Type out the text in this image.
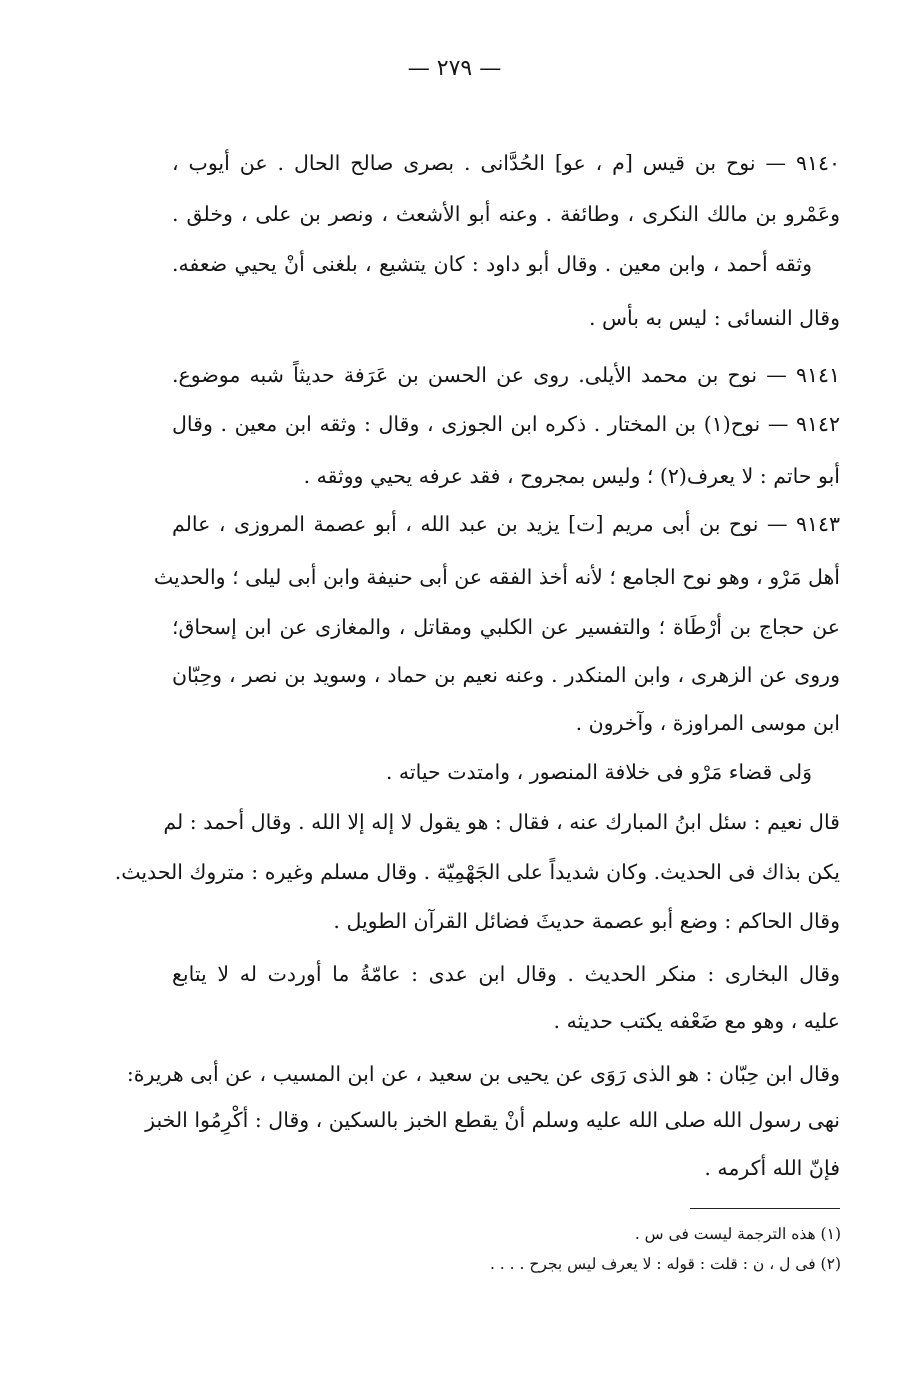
— ٢٧٩ —
٩١٤٠ — نوح بن قيس [م ، عو] الحُدَّانى . بصرى صالح الحال . عن أيوب ،
وعَمْرو بن مالك النكرى ، وطائفة . وعنه أبو الأشعث ، ونصر بن على ، وخلق .
وثقه أحمد ، وابن معين . وقال أبو داود : كان يتشيع ، بلغنى أنْ يحيي ضعفه.
وقال النسائى : ليس به بأس .
٩١٤١ — نوح بن محمد الأيلى. روى عن الحسن بن عَرَفة حديثاً شبه موضوع.
٩١٤٢ — نوح(١) بن المختار . ذكره ابن الجوزى ، وقال : وثقه ابن معين . وقال
أبو حاتم : لا يعرف(٢) ؛ وليس بمجروح ، فقد عرفه يحيي ووثقه .
٩١٤٣ — نوح بن أبى مريم [ت] يزيد بن عبد الله ، أبو عصمة المروزى ، عالم
أهل مَرْو ، وهو نوح الجامع ؛ لأنه أخذ الفقه عن أبى حنيفة وابن أبى ليلى ؛ والحديث
عن حجاج بن أرْطَاة ؛ والتفسير عن الكلبي ومقاتل ، والمغازى عن ابن إسحاق؛
وروى عن الزهرى ، وابن المنكدر . وعنه نعيم بن حماد ، وسويد بن نصر ، وحِبّان
ابن موسى المراوزة ، وآخرون .
وَلى قضاء مَرْو فى خلافة المنصور ، وامتدت حياته .
قال نعيم : سئل ابنُ المبارك عنه ، فقال : هو يقول لا إله إلا الله . وقال أحمد : لم
يكن بذاك فى الحديث. وكان شديداً على الجَهْمِيّة . وقال مسلم وغيره : متروك الحديث.
وقال الحاكم : وضع أبو عصمة حديثَ فضائل القرآن الطويل .
وقال البخارى : منكر الحديث . وقال ابن عدى : عامّةُ ما أوردت له لا يتابع
عليه ، وهو مع ضَعْفه يكتب حديثه .
وقال ابن حِبّان : هو الذى رَوَى عن يحيى بن سعيد ، عن ابن المسيب ، عن أبى هريرة:
نهى رسول الله صلى الله عليه وسلم أنْ يقطع الخبز بالسكين ، وقال : أكْرِمُوا الخبز
فإنّ الله أكرمه .
(١) هذه الترجمة ليست فى س .
(٢) فى ل ، ن : قلت : قوله : لا يعرف ليس بجرح . . . .
